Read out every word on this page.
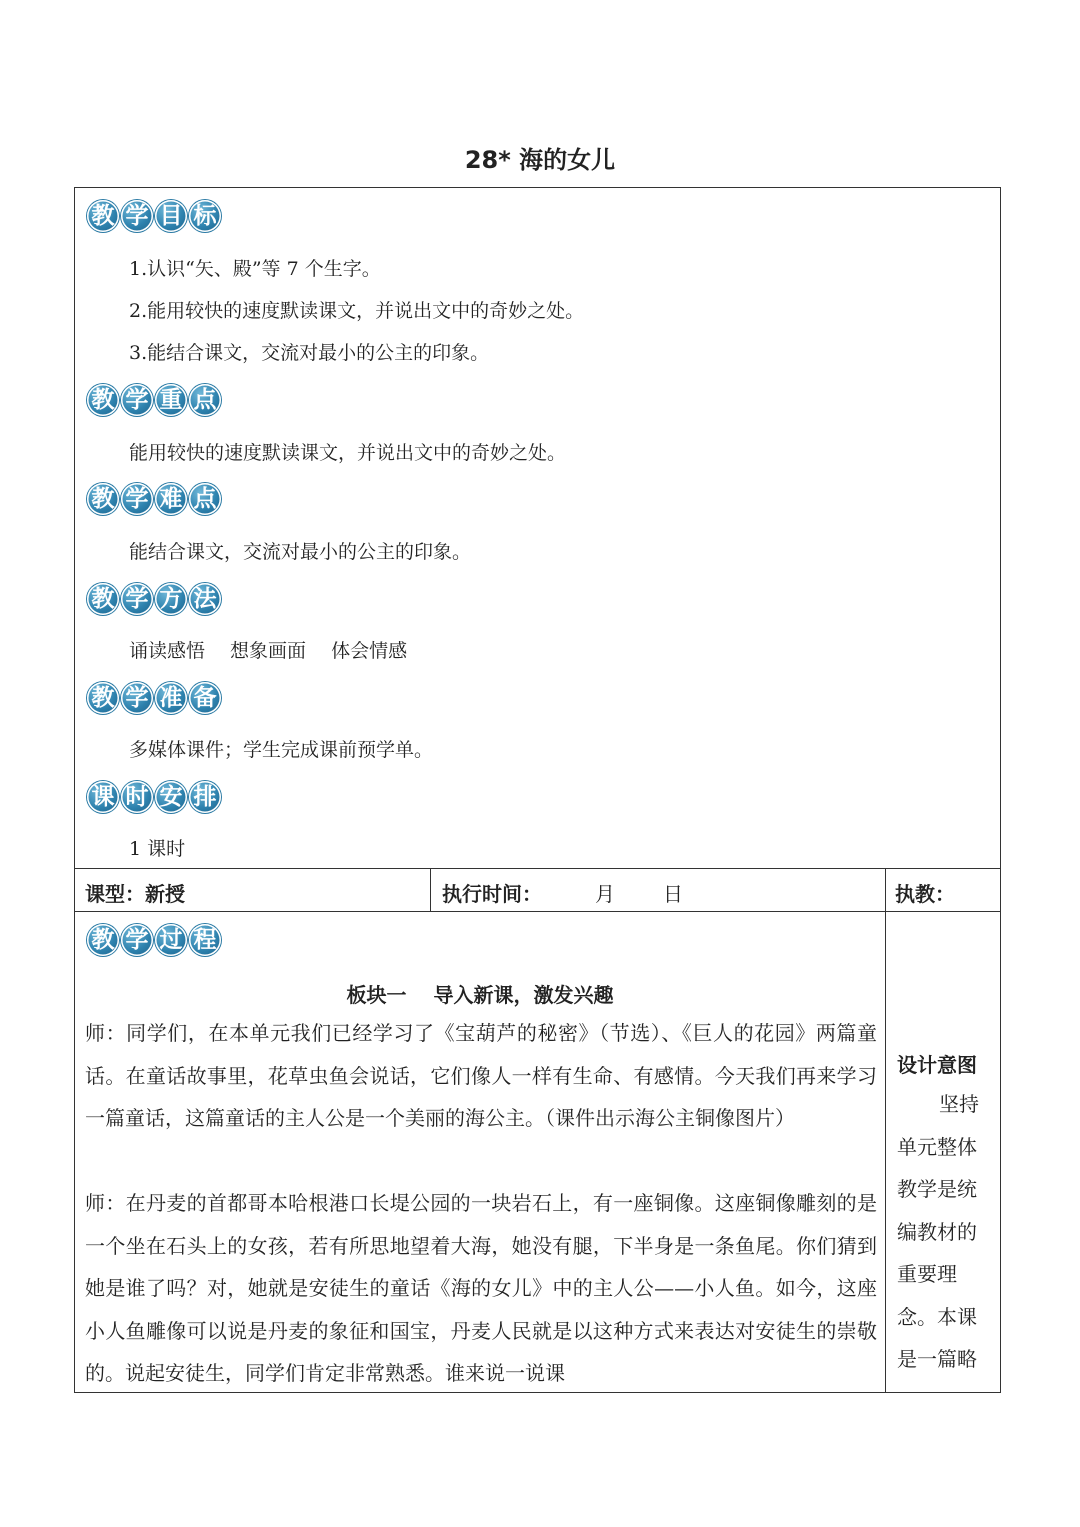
28* 海的女儿
教 学 目 标
1.认识“矢、殿”等 7 个生字。
2.能用较快的速度默读课文，并说出文中的奇妙之处。
3.能结合课文，交流对最小的公主的印象。
教 学 重 点
能用较快的速度默读课文，并说出文中的奇妙之处。
教 学 难 点
能结合课文，交流对最小的公主的印象。
教 学 方 法
诵读感悟　 想象画面　 体会情感
教 学 准 备
多媒体课件；学生完成课前预学单。
课 时 安 排
1 课时
课型：新授	执行时间：	月 日	执教：
教 学 过 程
板块一　 导入新课，激发兴趣
师：同学们，在本单元我们已经学习了《宝葫芦的秘密》（节选）、《巨人的花园》两篇童话。在童话故事里，花草虫鱼会说话，它们像人一样有生命、有感情。今天我们再来学习一篇童话，这篇童话的主人公是一个美丽的海公主。（课件出示海公主铜像图片）
师：在丹麦的首都哥本哈根港口长堤公园的一块岩石上，有一座铜像。这座铜像雕刻的是一个坐在石头上的女孩，若有所思地望着大海，她没有腿，下半身是一条鱼尾。你们猜到她是谁了吗？对，她就是安徒生的童话《海的女儿》中的主人公——小人鱼。如今，这座小人鱼雕像可以说是丹麦的象征和国宝，丹麦人民就是以这种方式来表达对安徒生的崇敬的。说起安徒生，同学们肯定非常熟悉。谁来说一说课
设计意图
坚持单元整体教学是统编教材的重要理念。本课是一篇略
